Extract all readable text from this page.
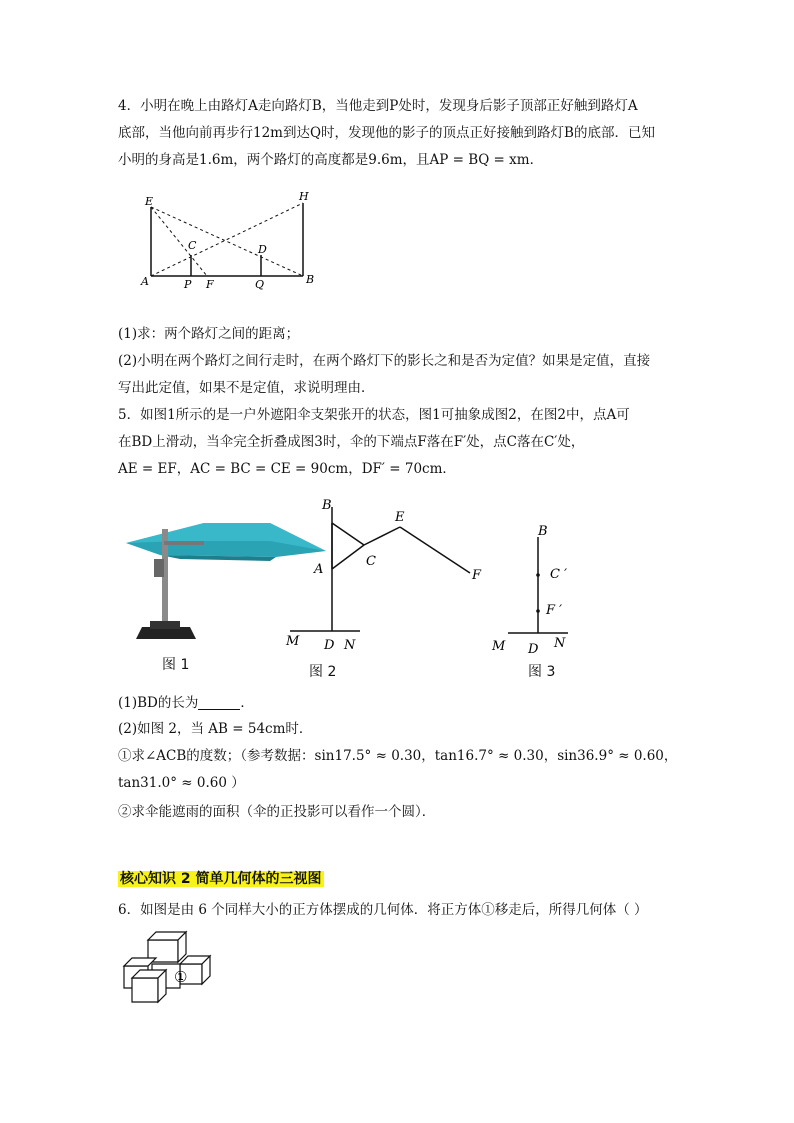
4．小明在晚上由路灯A走向路灯B，当他走到P处时，发现身后影子顶部正好触到路灯A
底部，当他向前再步行12m到达Q时，发现他的影子的顶点正好接触到路灯B的底部．已知
小明的身高是1.6m，两个路灯的高度都是9.6m，且AP = BQ = xm．
E	H
C	D
A	P F	Q	B
(1)求：两个路灯之间的距离；
(2)小明在两个路灯之间行走时，在两个路灯下的影长之和是否为定值？如果是定值，直接
写出此定值，如果不是定值，求说明理由．
5．如图1所示的是一户外遮阳伞支架张开的状态，图1可抽象成图2，在图2中，点A可
在BD上滑动，当伞完全折叠成图3时，伞的下端点F落在F′处，点C落在C′处，
AE = EF，AC = BC = CE = 90cm，DF′ = 70cm．
B
E
C
A	F
M D N
B
C ′
F ′
M D N
图 1	图 2	图 3
(1)BD的长为	．
(2)如图 2，当 AB = 54cm时．
①求∠ACB的度数；（参考数据：sin17.5° ≈ 0.30，tan16.7° ≈ 0.30，sin36.9° ≈ 0.60，
tan31.0° ≈ 0.60 ）
②求伞能遮雨的面积（伞的正投影可以看作一个圆）．
核心知识 2 简单几何体的三视图
6．如图是由 6 个同样大小的正方体摆成的几何体．将正方体①移走后，所得几何体（ ）
①
